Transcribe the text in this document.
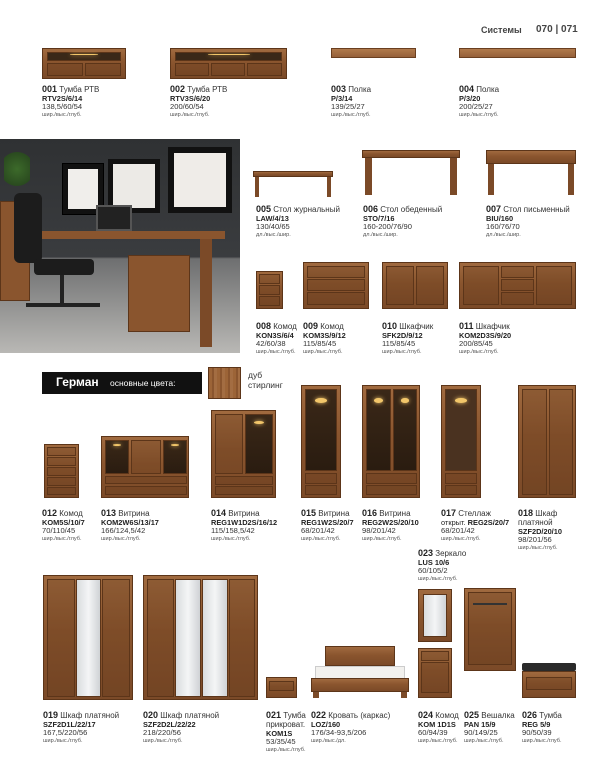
Системы 070 | 071
001 Тумба РТВ
RTV2S/6/14
138,5/60/54
шир./выс./глуб.
002 Тумба РТВ
RTV3S/6/20
200/60/54
шир./выс./глуб.
003 Полка
P/3/14
139/25/27
шир./выс./глуб.
004 Полка
P/3/20
200/25/27
шир./выс./глуб.
005 Стол журнальный
LAW/4/13
130/40/65
дл./выс./шир.
006 Стол обеденный
STO/7/16
160-200/76/90
дл./выс./шир.
007 Стол письменный
BIU/160
160/76/70
дл./выс./шир.
008 Комод
KON3S/6/4
42/60/38
шир./выс./глуб.
009 Комод
KOM3S/9/12
115/85/45
шир./выс./глуб.
010 Шкафчик
SFK2D/9/12
115/85/45
шир./выс./глуб.
011 Шкафчик
KOM2D3S/9/20
200/85/45
шир./выс./глуб.
Герман основные цвета:
дуб
стирлинг
012 Комод
KOM5S/10/7
70/110/45
шир./выс./глуб.
013 Витрина
KOM2W6S/13/17
166/124,5/42
шир./выс./глуб.
014 Витрина
REG1W1D2S/16/12
115/158,5/42
шир./выс./глуб.
015 Витрина
REG1W2S/20/7
68/201/42
шир./выс./глуб.
016 Витрина
REG2W2S/20/10
98/201/42
шир./выс./глуб.
017 Стеллаж
открыт. REG2S/20/7
68/201/42
шир./выс./глуб.
018 Шкаф
платяной
SZF2D/20/10
98/201/56
шир./выс./глуб.
019 Шкаф платяной
SZF2D1L/22/17
167,5/220/56
шир./выс./глуб.
020 Шкаф платяной
SZF2D2L/22/22
218/220/56
шир./выс./глуб.
021 Тумба
прикроват.
KOM1S
53/35/45
шир./выс./глуб.
022 Кровать (каркас)
LOZ/160
176/34-93,5/206
шир./выс./дл.
023 Зеркало
LUS 10/6
60/105/2
шир./выс./глуб.
024 Комод
KOM 1D1S
60/94/39
шир./выс./глуб.
025 Вешалка
PAN 15/9
90/149/25
шир./выс./глуб.
026 Тумба
REG 5/9
90/50/39
шир./выс./глуб.
